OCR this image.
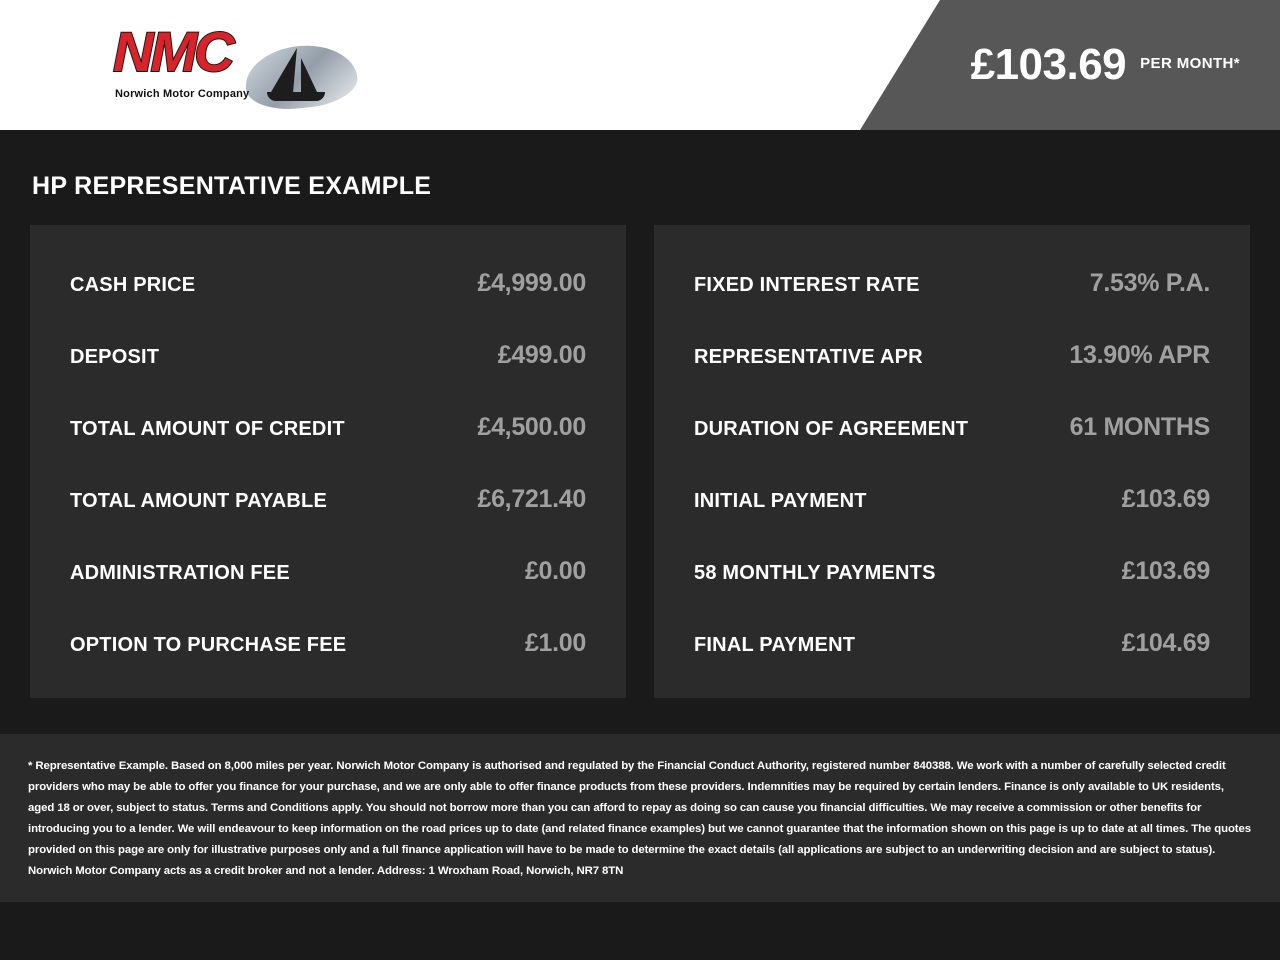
NMC
Norwich Motor Company
£103.69 PER MONTH*
HP REPRESENTATIVE EXAMPLE
CASH PRICE	£4,999.00
DEPOSIT	£499.00
TOTAL AMOUNT OF CREDIT	£4,500.00
TOTAL AMOUNT PAYABLE	£6,721.40
ADMINISTRATION FEE	£0.00
OPTION TO PURCHASE FEE	£1.00
FIXED INTEREST RATE	7.53% P.A.
REPRESENTATIVE APR	13.90% APR
DURATION OF AGREEMENT	61 MONTHS
INITIAL PAYMENT	£103.69
58 MONTHLY PAYMENTS	£103.69
FINAL PAYMENT	£104.69

* Representative Example. Based on 8,000 miles per year. Norwich Motor Company is authorised and regulated by the Financial Conduct Authority, registered number 840388. We work with a number of carefully selected credit providers who may be able to offer you finance for your purchase, and we are only able to offer finance products from these providers. Indemnities may be required by certain lenders. Finance is only available to UK residents, aged 18 or over, subject to status. Terms and Conditions apply. You should not borrow more than you can afford to repay as doing so can cause you financial difficulties. We may receive a commission or other benefits for introducing you to a lender. We will endeavour to keep information on the road prices up to date (and related finance examples) but we cannot guarantee that the information shown on this page is up to date at all times. The quotes provided on this page are only for illustrative purposes only and a full finance application will have to be made to determine the exact details (all applications are subject to an underwriting decision and are subject to status). Norwich Motor Company acts as a credit broker and not a lender. Address: 1 Wroxham Road, Norwich, NR7 8TN
